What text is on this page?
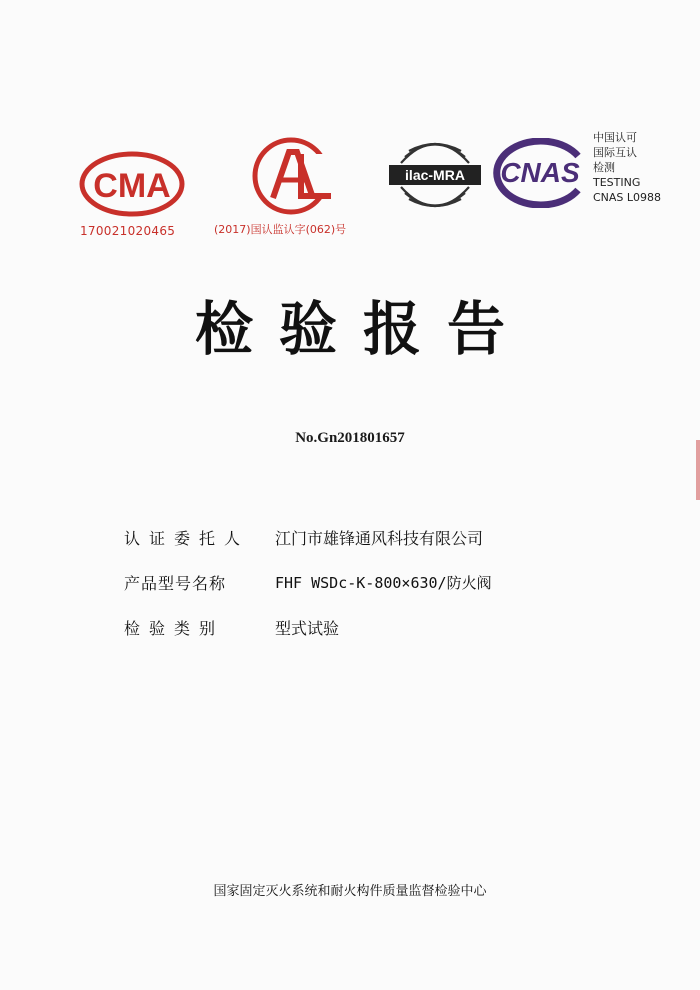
CMA
170021020465	(2017)国认监认字(062)号
ilac-MRA CNAS
中国认可
国际互认
检测
TESTING
CNAS L0988
检验报告
No.Gn201801657
认证委托人 江门市雄锋通风科技有限公司
产品型号名称	FHF WSDc-K-800×630/防火阀
检验类别	型式试验
国家固定灭火系统和耐火构件质量监督检验中心
